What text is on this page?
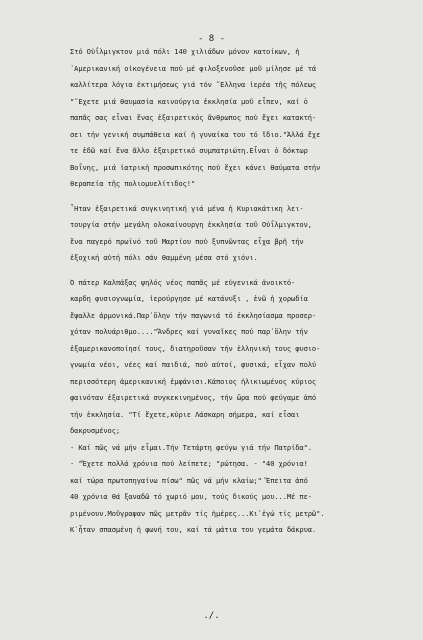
- 8 -
Στό Οὐΐλμιγκτον μιά πόλι 140 χιλιάδων μόνον κατοίκων, ἡ
᾿Αμερικανική οἰκογένεια ποὐ μέ φιλοξενοῦσε μοῦ μίλησε μέ τά
καλλίτερα λόγια ἐκτιμήσεως γιά τόν ῞Ελληνα ἱερέα τῆς πόλεως
"῞Εχετε μιά θαυμασία καινούργια ἐκκλησία μοῦ εἶπεν, καί ὁ
παπᾶς σας εἶναι ἕνας ἐξαιρετικός ἄνθρωπος ποὐ ἔχει κατακτή-
σει τήν γενική συμπάθεια καί ἡ γυναίκα του τό ἴδιο."Ἀλλά ἔχε
τε ἐδῶ καί ἕνα ἄλλο ἐξαιρετικό συμπατριώτη.Εἶναι ὁ δόκτωρ
Βοΐνης, μιά ἰατρική προσωπικότης ποὐ ἔχει κάνει θαύματα στήν
θεραπεία τῆς πολιομυελίτιδος!"
῏Ηταν ἐξαιρετικά συγκινητική γιά μένα ἡ Κυριακάτικη λει-
τουργία στήν μεγάλη ολοκαίνουργη ἐκκλησία τοῦ Οὐΐλμιγκτον,
ἕνα παγερό πρωϊνό τοῦ Μαρτίου ποὐ ξυπνῶντας εἶχα βρῆ τήν
ἐξοχική αὐτή πόλι σάν θαμμένη μέσα στό χιόνι.
Ὁ πάτερ Καλπάξας ψηλός νέος παπᾶς μέ εὐγενικά ἀνοικτό-
καρδη φυσιογνωμία, ἱερούργησε μέ κατάνυξι , ἐνῶ ἡ χορωδία
ἔψαλλε ἁρμονικά.Παρ᾿ὅλην τήν παγωνιά τό ἐκκλησίασμα προσερ-
χόταν πολυάριθμο...."Ἄνδρες καί γυναῖκες ποὐ παρ᾿ὅλην τήν
ἐξαμερικανοποίησί τους, διατηροῦσαν τήν ἑλληνική τους φυσιο-
γνωμία νέοι, νέες καί παιδιά, ποὐ αὐτοί, φυσικά, εἶχαν πολύ
περισσότερη ἀμερικανική ἐμφάνισι.Κάποιος ἡλικιωμένος κύριος
φαινόταν ἐξαιρετικά συγκεκινημένος, τήν ὥρα ποὐ φεύγαμε ἀπό
τήν ἐκκλησία. "Τί ἔχετε,κύριε Λάσκαρη σήμερα, καί εἶσαι
δακρυσμένος;
- Καί πῶς νά μήν εἶμαι.Τήν Τετάρτη φεύγω γιά τήν Πατρίδα".
- "Ἔχετε πολλά χρόνια ποὐ λείπετε; "ρώτησα. - "40 χρόνια!
καί τώρα πρωτοπηγαίνω πίσω" πῶς νά μήν κλαίω;" Ἔπειτα ἀπό
40 χρόνια θά ξαναδῶ τό χωριό μου, τούς δικούς μου...Μέ πε-
ριμένουν.Μοῦγραψαν πῶς μετρᾶν τίς ἡμέρες...Κι᾿ἐγώ τίς μετρῶ".
Κ᾿ἦταν σπασμένη ἡ φωνή του, καί τά μάτια του γεμάτα δάκρυα.
./.
